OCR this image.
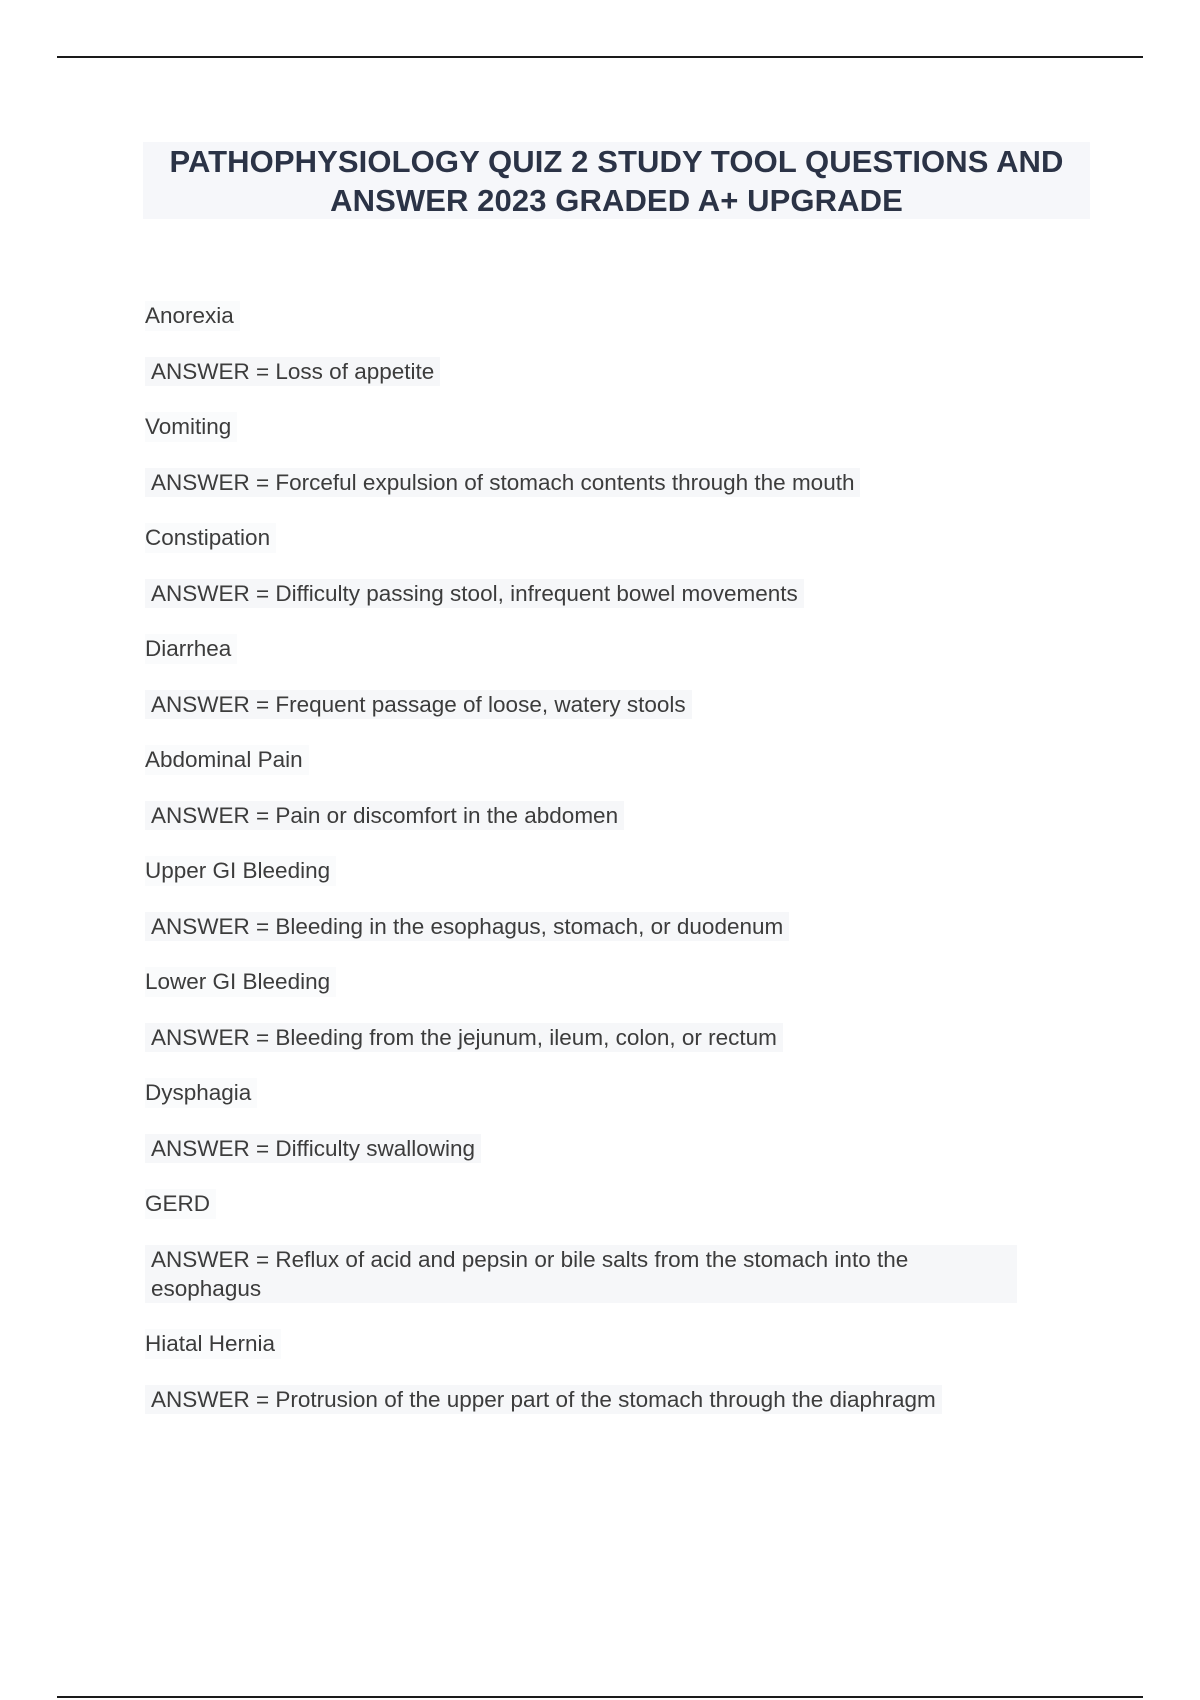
PATHOPHYSIOLOGY QUIZ 2 STUDY TOOL QUESTIONS AND ANSWER 2023 GRADED A+ UPGRADE
Anorexia
ANSWER = Loss of appetite
Vomiting
ANSWER = Forceful expulsion of stomach contents through the mouth
Constipation
ANSWER = Difficulty passing stool, infrequent bowel movements
Diarrhea
ANSWER = Frequent passage of loose, watery stools
Abdominal Pain
ANSWER = Pain or discomfort in the abdomen
Upper GI Bleeding
ANSWER = Bleeding in the esophagus, stomach, or duodenum
Lower GI Bleeding
ANSWER = Bleeding from the jejunum, ileum, colon, or rectum
Dysphagia
ANSWER = Difficulty swallowing
GERD
ANSWER = Reflux of acid and pepsin or bile salts from the stomach into the esophagus
Hiatal Hernia
ANSWER = Protrusion of the upper part of the stomach through the diaphragm
